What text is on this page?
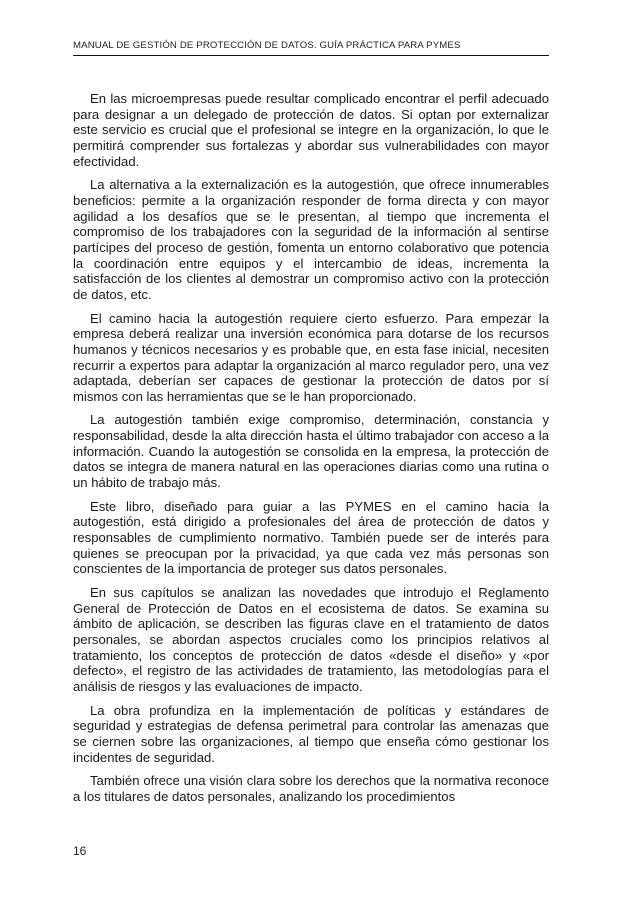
MANUAL DE GESTIÓN DE PROTECCIÓN DE DATOS. GUÍA PRÁCTICA PARA PYMES

En las microempresas puede resultar complicado encontrar el perfil adecuado para designar a un delegado de protección de datos. Si optan por externalizar este servicio es crucial que el profesional se integre en la organización, lo que le permitirá comprender sus fortalezas y abordar sus vulnerabilidades con mayor efectividad.

La alternativa a la externalización es la autogestión, que ofrece innumerables beneficios: permite a la organización responder de forma directa y con mayor agilidad a los desafíos que se le presentan, al tiempo que incrementa el compromiso de los trabajadores con la seguridad de la información al sentirse partícipes del proceso de gestión, fomenta un entorno colaborativo que potencia la coordinación entre equipos y el intercambio de ideas, incrementa la satisfacción de los clientes al demostrar un compromiso activo con la protección de datos, etc.

El camino hacia la autogestión requiere cierto esfuerzo. Para empezar la empresa deberá realizar una inversión económica para dotarse de los recursos humanos y técnicos necesarios y es probable que, en esta fase inicial, necesiten recurrir a expertos para adaptar la organización al marco regulador pero, una vez adaptada, deberían ser capaces de gestionar la protección de datos por sí mismos con las herramientas que se le han proporcionado.

La autogestión también exige compromiso, determinación, constancia y responsabilidad, desde la alta dirección hasta el último trabajador con acceso a la información. Cuando la autogestión se consolida en la empresa, la protección de datos se integra de manera natural en las operaciones diarias como una rutina o un hábito de trabajo más.

Este libro, diseñado para guiar a las PYMES en el camino hacia la autogestión, está dirigido a profesionales del área de protección de datos y responsables de cumplimiento normativo. También puede ser de interés para quienes se preocupan por la privacidad, ya que cada vez más personas son conscientes de la importancia de proteger sus datos personales.

En sus capítulos se analizan las novedades que introdujo el Reglamento General de Protección de Datos en el ecosistema de datos. Se examina su ámbito de aplicación, se describen las figuras clave en el tratamiento de datos personales, se abordan aspectos cruciales como los principios relativos al tratamiento, los conceptos de protección de datos «desde el diseño» y «por defecto», el registro de las actividades de tratamiento, las metodologías para el análisis de riesgos y las evaluaciones de impacto.

La obra profundiza en la implementación de políticas y estándares de seguridad y estrategias de defensa perimetral para controlar las amenazas que se ciernen sobre las organizaciones, al tiempo que enseña cómo gestionar los incidentes de seguridad.

También ofrece una visión clara sobre los derechos que la normativa reconoce a los titulares de datos personales, analizando los procedimientos

16
